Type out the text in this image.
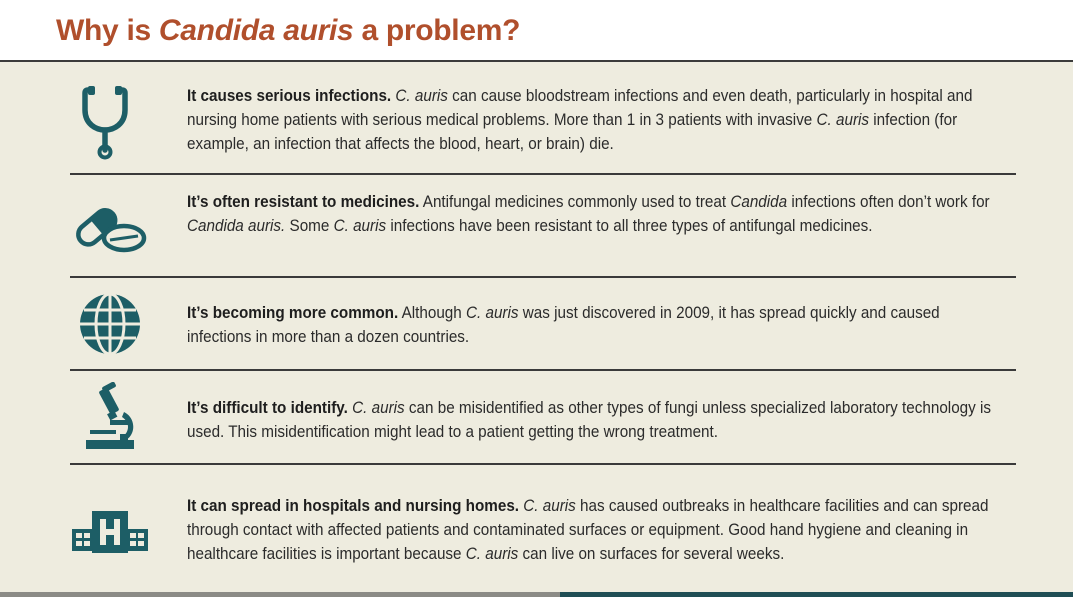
Why is Candida auris a problem?
It causes serious infections. C. auris can cause bloodstream infections and even death, particularly in hospital and nursing home patients with serious medical problems. More than 1 in 3 patients with invasive C. auris infection (for example, an infection that affects the blood, heart, or brain) die.
It’s often resistant to medicines. Antifungal medicines commonly used to treat Candida infections often don’t work for Candida auris. Some C. auris infections have been resistant to all three types of antifungal medicines.
It’s becoming more common. Although C. auris was just discovered in 2009, it has spread quickly and caused infections in more than a dozen countries.
It’s difficult to identify. C. auris can be misidentified as other types of fungi unless specialized laboratory technology is used. This misidentification might lead to a patient getting the wrong treatment.
It can spread in hospitals and nursing homes. C. auris has caused outbreaks in healthcare facilities and can spread through contact with affected patients and contaminated surfaces or equipment. Good hand hygiene and cleaning in healthcare facilities is important because C. auris can live on surfaces for several weeks.
